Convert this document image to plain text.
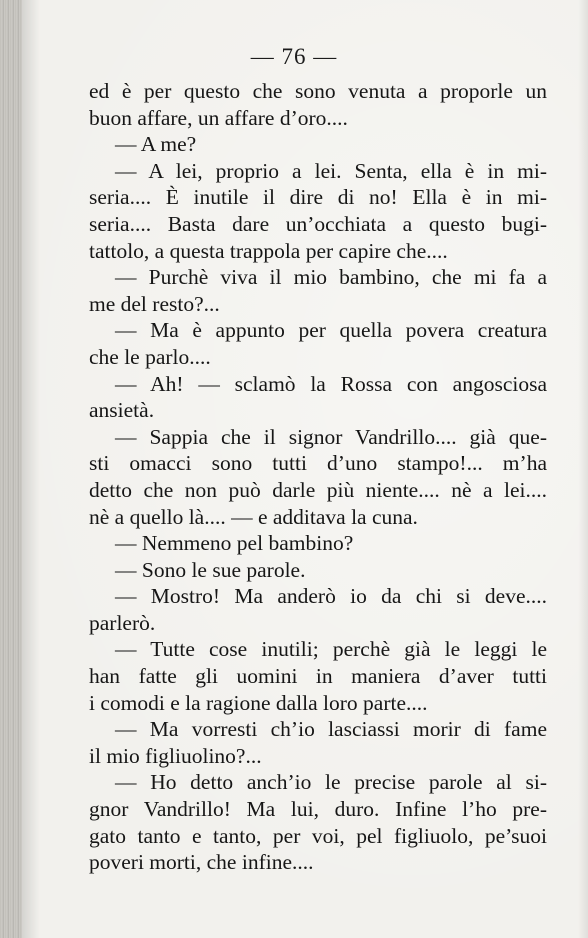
— 76 —
ed è per questo che sono venuta a proporle un
buon affare, un affare d’oro....
— A me?
— A lei, proprio a lei. Senta, ella è in mi-
seria.... È inutile il dire di no! Ella è in mi-
seria.... Basta dare un’occhiata a questo bugi-
tattolo, a questa trappola per capire che....
— Purchè viva il mio bambino, che mi fa a
me del resto?...
— Ma è appunto per quella povera creatura
che le parlo....
— Ah! — sclamò la Rossa con angosciosa
ansietà.
— Sappia che il signor Vandrillo.... già que-
sti omacci sono tutti d’uno stampo!... m’ha
detto che non può darle più niente.... nè a lei....
nè a quello là.... — e additava la cuna.
— Nemmeno pel bambino?
— Sono le sue parole.
— Mostro! Ma anderò io da chi si deve....
parlerò.
— Tutte cose inutili; perchè già le leggi le
han fatte gli uomini in maniera d’aver tutti
i comodi e la ragione dalla loro parte....
— Ma vorresti ch’io lasciassi morir di fame
il mio figliuolino?...
— Ho detto anch’io le precise parole al si-
gnor Vandrillo! Ma lui, duro. Infine l’ho pre-
gato tanto e tanto, per voi, pel figliuolo, pe’suoi
poveri morti, che infine....
